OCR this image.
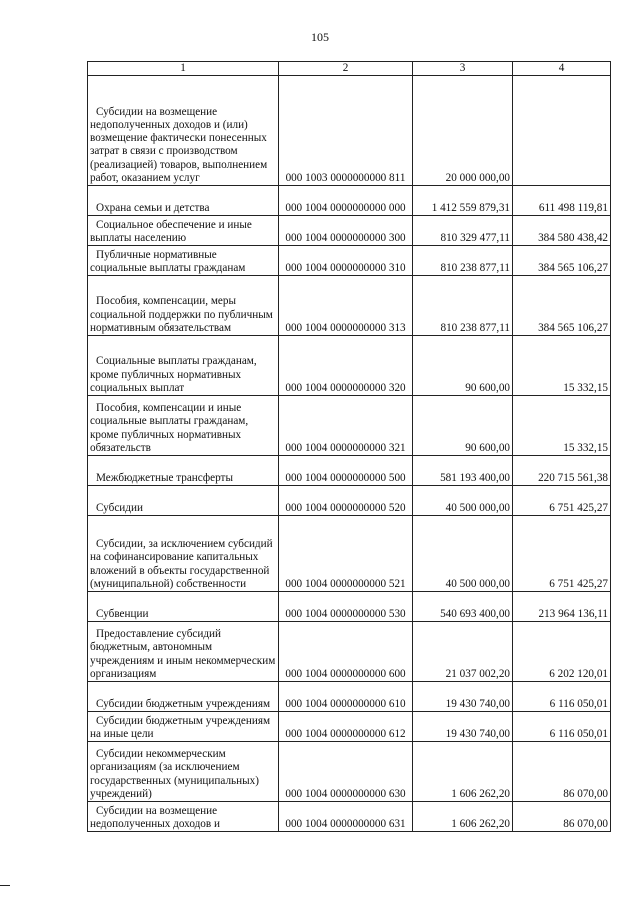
105
1	2	3	4
Субсидии на возмещение недополученных доходов и (или) возмещение фактически понесенных затрат в связи с производством (реализацией) товаров, выполнением работ, оказанием услуг	000 1003 0000000000 811	20 000 000,00	
Охрана семьи и детства	000 1004 0000000000 000	1 412 559 879,31	611 498 119,81
Социальное обеспечение и иные выплаты населению	000 1004 0000000000 300	810 329 477,11	384 580 438,42
Публичные нормативные социальные выплаты гражданам	000 1004 0000000000 310	810 238 877,11	384 565 106,27
Пособия, компенсации, меры социальной поддержки по публичным нормативным обязательствам	000 1004 0000000000 313	810 238 877,11	384 565 106,27
Социальные выплаты гражданам, кроме публичных нормативных социальных выплат	000 1004 0000000000 320	90 600,00	15 332,15
Пособия, компенсации и иные социальные выплаты гражданам, кроме публичных нормативных обязательств	000 1004 0000000000 321	90 600,00	15 332,15
Межбюджетные трансферты	000 1004 0000000000 500	581 193 400,00	220 715 561,38
Субсидии	000 1004 0000000000 520	40 500 000,00	6 751 425,27
Субсидии, за исключением субсидий на софинансирование капитальных вложений в объекты государственной (муниципальной) собственности	000 1004 0000000000 521	40 500 000,00	6 751 425,27
Субвенции	000 1004 0000000000 530	540 693 400,00	213 964 136,11
Предоставление субсидий бюджетным, автономным учреждениям и иным некоммерческим организациям	000 1004 0000000000 600	21 037 002,20	6 202 120,01
Субсидии бюджетным учреждениям	000 1004 0000000000 610	19 430 740,00	6 116 050,01
Субсидии бюджетным учреждениям на иные цели	000 1004 0000000000 612	19 430 740,00	6 116 050,01
Субсидии некоммерческим организациям (за исключением государственных (муниципальных) учреждений)	000 1004 0000000000 630	1 606 262,20	86 070,00
Субсидии на возмещение недополученных доходов и	000 1004 0000000000 631	1 606 262,20	86 070,00
